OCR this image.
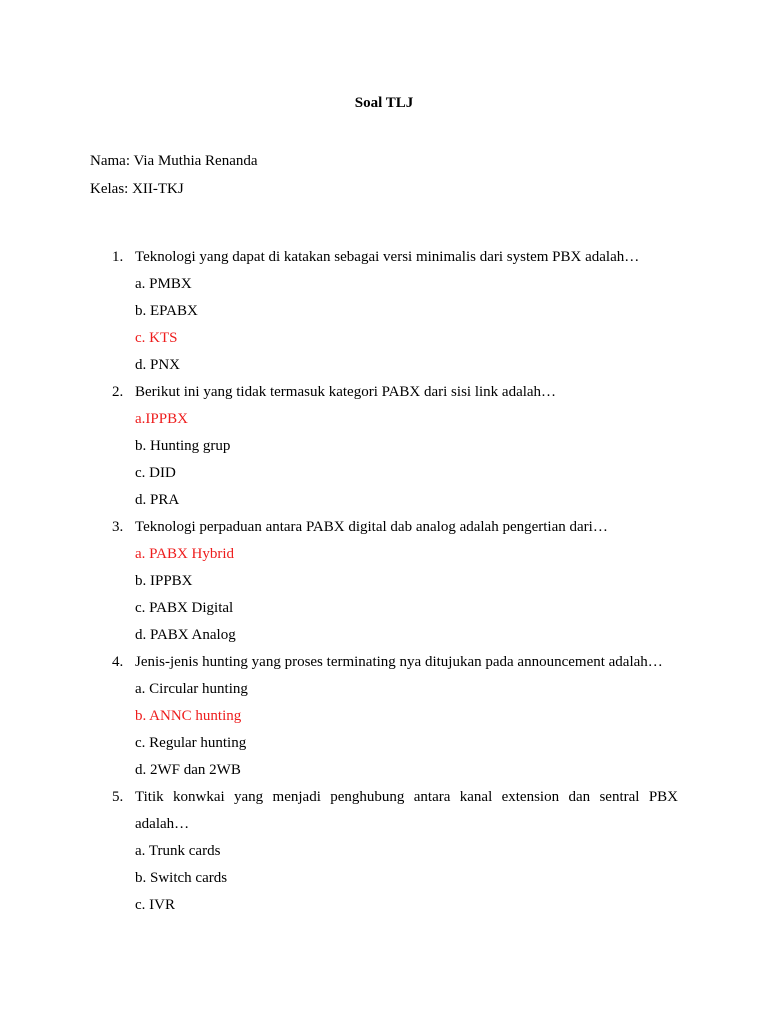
Soal TLJ
Nama: Via Muthia Renanda
Kelas: XII-TKJ
1. Teknologi yang dapat di katakan sebagai versi minimalis dari system PBX adalah…
a. PMBX
b. EPABX
c. KTS
d. PNX
2. Berikut ini yang tidak termasuk kategori PABX dari sisi link adalah…
a.IPPBX
b. Hunting grup
c. DID
d. PRA
3. Teknologi perpaduan antara PABX digital dab analog adalah pengertian dari…
a. PABX Hybrid
b. IPPBX
c. PABX Digital
d. PABX Analog
4. Jenis-jenis hunting yang proses terminating nya ditujukan pada announcement adalah…
a. Circular hunting
b. ANNC hunting
c. Regular hunting
d. 2WF dan 2WB
5. Titik konwkai yang menjadi penghubung antara kanal extension dan sentral PBX adalah…
a. Trunk cards
b. Switch cards
c. IVR
